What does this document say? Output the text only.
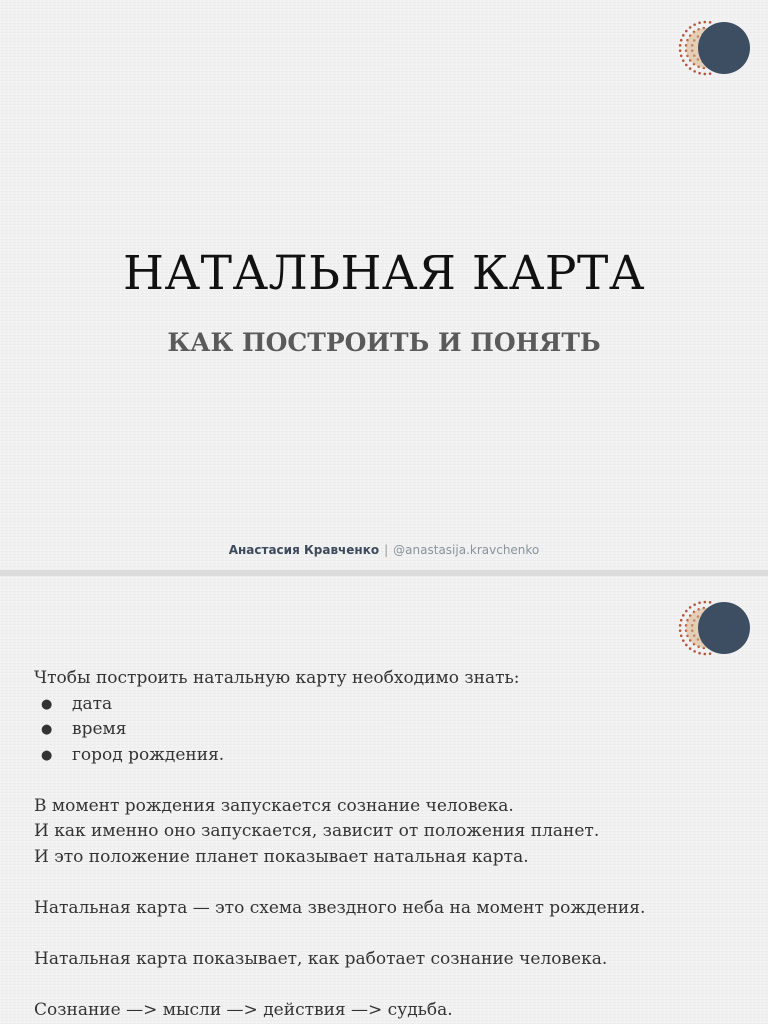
НАТАЛЬНАЯ КАРТА
КАК ПОСТРОИТЬ И ПОНЯТЬ
Анастасия Кравченко | @anastasija.kravchenko

Чтобы построить натальную карту необходимо знать:

● дата
● время
● город рождения.

В момент рождения запускается сознание человека.

И как именно оно запускается, зависит от положения планет.

И это положение планет показывает натальная карта.

Натальная карта — это схема звездного неба на момент рождения.

Натальная карта показывает, как работает сознание человека.

Сознание —> мысли —> действия —> судьба.
